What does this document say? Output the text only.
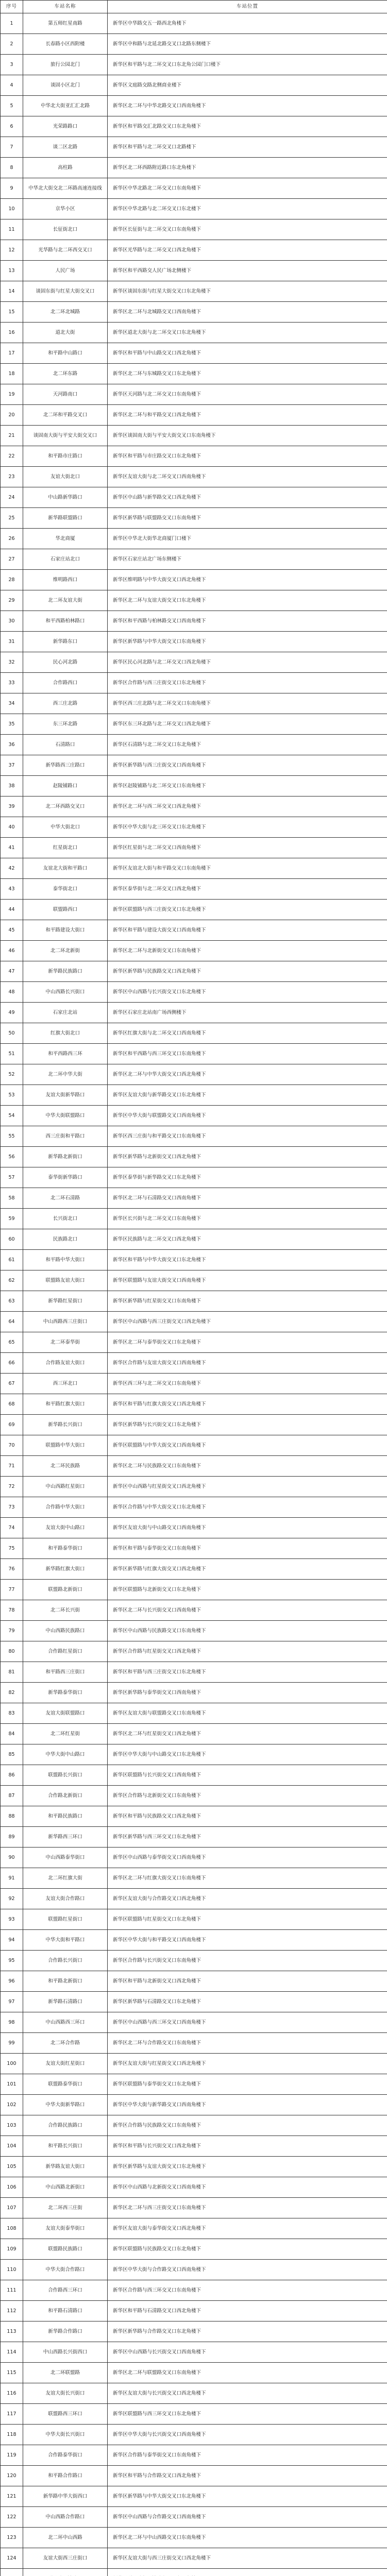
序号	车站名称	车站位置
1	第五师红星南路	新华区中华路交五一路西北角楼下
2	长春路小区西附楼	新华区中和路与北延北路交叉口北路东侧楼下
3	旅行公园北门	新华区和平路与北二环交叉口东北角公园门口楼下
4	谈固小区北门	新华区文庭路交路北侧商业楼下
5	中华北大街亚汇汇北路	新华区北二环与中华北路交叉口西南角楼下
6	光荣路路口	新华区和平路交汇北路交叉口东北角楼下
7	谈二区北路	新华区和平路与北二环交叉口北路楼下
8	高柱路	新华区北二环西路附近路口东北角楼下
9	中华北大街交北二环路高速连接线	新华区中华北路北二环交叉口东南角楼下
10	京华小区	新华区中华北路与北二环交叉口东北楼下
11	长征街北口	新华区长征街与北二环交叉口东南角楼下
12	光华路与北二环西交叉口	新华区光华路与北二环交叉口西北角楼下
13	人民广场	新华区和平西路交人民广场北侧楼下
14	谈固东街与红星大街交叉口	新华区谈固东街与红星大街交叉口东北角楼下
15	北二环北城路	新华区北二环与北城路交叉口西南角楼下
16	道北大街	新华区道北大街与北二环交叉口东北角楼下
17	和平路中山路口	新华区和平路与中山路交叉口西北角楼下
18	北二环东路	新华区北二环与东城路交叉口东北角楼下
19	天河路南口	新华区天河路与北二环交叉口东南角楼下
20	北二环和平路交叉口	新华区北二环与和平路交叉口西北角楼下
21	谈固南大街与平安大街交叉口	新华区谈固南大街与平安大街交叉口东南角楼下
22	和平路市庄路口	新华区和平路与市庄路交叉口东北角楼下
23	友谊大街北口	新华区友谊大街与北二环交叉口西南角楼下
24	中山路新华路口	新华区中山路与新华路交叉口西北角楼下
25	新华路联盟路口	新华区新华路与联盟路交叉口东南角楼下
26	华北商厦	新华区中华北大街华北商厦门口楼下
27	石家庄站北口	新华区石家庄站北广场东侧楼下
28	维明路西口	新华区维明路与中华大街交叉口西北角楼下
29	北二环友谊大街	新华区北二环与友谊大街交叉口东北角楼下
30	和平西路柏林路口	新华区和平西路与柏林路交叉口西南角楼下
31	新华路东口	新华区新华路与中华大街交叉口东南角楼下
32	民心河北路	新华区民心河北路与北二环交叉口西北角楼下
33	合作路西口	新华区合作路与西三庄街交叉口东北角楼下
34	西三庄北路	新华区西三庄北路与北二环交叉口东南角楼下
35	东三环北路	新华区东三环北路与北二环交叉口西北角楼下
36	石清路口	新华区石清路与北二环交叉口东北角楼下
37	新华路西三庄路口	新华区新华路与西三庄街交叉口西南角楼下
38	赵陵铺路口	新华区赵陵铺路与北二环交叉口东南角楼下
39	北二环西路交叉口	新华区北二环与西二环交叉口西北角楼下
40	中华大街北口	新华区中华大街与北三环交叉口东北角楼下
41	红星街北口	新华区红星街与北二环交叉口西南角楼下
42	友谊北大街和平路口	新华区友谊北大街与和平路交叉口东南角楼下
43	泰华街北口	新华区泰华街与北二环交叉口西北角楼下
44	联盟路西口	新华区联盟路与西三庄街交叉口东北角楼下
45	和平路建设大街口	新华区和平路与建设大街交叉口西南角楼下
46	北二环北新街	新华区北二环与北新街交叉口东南角楼下
47	新华路民族路口	新华区新华路与民族路交叉口西北角楼下
48	中山西路长兴街口	新华区中山西路与长兴街交叉口东北角楼下
49	石家庄北站	新华区石家庄北站南广场西侧楼下
50	红旗大街北口	新华区红旗大街与北二环交叉口西南角楼下
51	和平西路西三环	新华区和平西路与西三环交叉口东南角楼下
52	北二环中华大街	新华区北二环与中华大街交叉口西北角楼下
53	友谊大街新华路口	新华区友谊大街与新华路交叉口东北角楼下
54	中华大街联盟路口	新华区中华大街与联盟路交叉口西南角楼下
55	西三庄街和平路口	新华区西三庄街与和平路交叉口东南角楼下
56	新华路北新街口	新华区新华路与北新街交叉口西北角楼下
57	泰华街新华路口	新华区泰华街与新华路交叉口东北角楼下
58	北二环石清路	新华区北二环与石清路交叉口西南角楼下
59	长兴街北口	新华区长兴街与北二环交叉口东南角楼下
60	民族路北口	新华区民族路与北二环交叉口西北角楼下
61	和平路中华大街口	新华区和平路与中华大街交叉口东北角楼下
62	联盟路友谊大街口	新华区联盟路与友谊大街交叉口西南角楼下
63	新华路红星街口	新华区新华路与红星街交叉口东南角楼下
64	中山西路西三庄街口	新华区中山西路与西三庄街交叉口西北角楼下
65	北二环泰华街	新华区北二环与泰华街交叉口东北角楼下
66	合作路友谊大街口	新华区合作路与友谊大街交叉口西南角楼下
67	西三环北口	新华区西三环与北二环交叉口东南角楼下
68	和平路红旗大街口	新华区和平路与红旗大街交叉口西北角楼下
69	新华路长兴街口	新华区新华路与长兴街交叉口东北角楼下
70	联盟路中华大街口	新华区联盟路与中华大街交叉口西南角楼下
71	北二环民族路	新华区北二环与民族路交叉口东南角楼下
72	中山西路红星街口	新华区中山西路与红星街交叉口西北角楼下
73	合作路中华大街口	新华区合作路与中华大街交叉口东北角楼下
74	友谊大街中山路口	新华区友谊大街与中山路交叉口西南角楼下
75	和平路泰华街口	新华区和平路与泰华街交叉口东南角楼下
76	新华路红旗大街口	新华区新华路与红旗大街交叉口西北角楼下
77	联盟路北新街口	新华区联盟路与北新街交叉口东北角楼下
78	北二环长兴街	新华区北二环与长兴街交叉口西南角楼下
79	中山西路民族路口	新华区中山西路与民族路交叉口东南角楼下
80	合作路红星街口	新华区合作路与红星街交叉口西北角楼下
81	和平路西三庄街口	新华区和平路与西三庄街交叉口东北角楼下
82	新华路泰华街口	新华区新华路与泰华街交叉口西南角楼下
83	友谊大街联盟路口	新华区友谊大街与联盟路交叉口东南角楼下
84	北二环红星街	新华区北二环与红星街交叉口西北角楼下
85	中华大街中山路口	新华区中华大街与中山路交叉口东北角楼下
86	联盟路长兴街口	新华区联盟路与长兴街交叉口西南角楼下
87	合作路北新街口	新华区合作路与北新街交叉口东南角楼下
88	和平路民族路口	新华区和平路与民族路交叉口西北角楼下
89	新华路西三环口	新华区新华路与西三环交叉口东北角楼下
90	中山西路泰华街口	新华区中山西路与泰华街交叉口西南角楼下
91	北二环红旗大街	新华区北二环与红旗大街交叉口东南角楼下
92	友谊大街合作路口	新华区友谊大街与合作路交叉口西北角楼下
93	联盟路红星街口	新华区联盟路与红星街交叉口东北角楼下
94	中华大街和平路口	新华区中华大街与和平路交叉口西南角楼下
95	合作路长兴街口	新华区合作路与长兴街交叉口东南角楼下
96	和平路北新街口	新华区和平路与北新街交叉口西北角楼下
97	新华路石清路口	新华区新华路与石清路交叉口东北角楼下
98	中山西路西三环口	新华区中山西路与西三环交叉口西南角楼下
99	北二环合作路	新华区北二环与合作路交叉口东南角楼下
100	友谊大街红星街口	新华区友谊大街与红星街交叉口西北角楼下
101	联盟路泰华街口	新华区联盟路与泰华街交叉口东北角楼下
102	中华大街新华路口	新华区中华大街与新华路交叉口西南角楼下
103	合作路民族路口	新华区合作路与民族路交叉口东南角楼下
104	和平路长兴街口	新华区和平路与长兴街交叉口西北角楼下
105	新华路友谊大街口	新华区新华路与友谊大街交叉口东北角楼下
106	中山西路北新街口	新华区中山西路与北新街交叉口西南角楼下
107	北二环西三庄街	新华区北二环与西三庄街交叉口东南角楼下
108	友谊大街泰华街口	新华区友谊大街与泰华街交叉口西北角楼下
109	联盟路民族路口	新华区联盟路与民族路交叉口东北角楼下
110	中华大街合作路口	新华区中华大街与合作路交叉口西南角楼下
111	合作路西三环口	新华区合作路与西三环交叉口东南角楼下
112	和平路石清路口	新华区和平路与石清路交叉口西北角楼下
113	新华路合作路口	新华区新华路与合作路交叉口东北角楼下
114	中山西路长兴街西口	新华区中山西路与长兴街交叉口西南角楼下
115	北二环联盟路	新华区北二环与联盟路交叉口东南角楼下
116	友谊大街长兴街口	新华区友谊大街与长兴街交叉口西北角楼下
117	联盟路西三环口	新华区联盟路与西三环交叉口东北角楼下
118	中华大街长兴街口	新华区中华大街与长兴街交叉口西南角楼下
119	合作路泰华街口	新华区合作路与泰华街交叉口东南角楼下
120	和平路合作路口	新华区和平路与合作路交叉口西北角楼下
121	新华路中华大街西口	新华区新华路与中华大街交叉口东北角楼下
122	中山西路合作路口	新华区中山西路与合作路交叉口西南角楼下
123	北二环中山西路	新华区北二环与中山西路交叉口东南角楼下
124	友谊大街西三庄街口	新华区友谊大街与西三庄街交叉口西北角楼下
